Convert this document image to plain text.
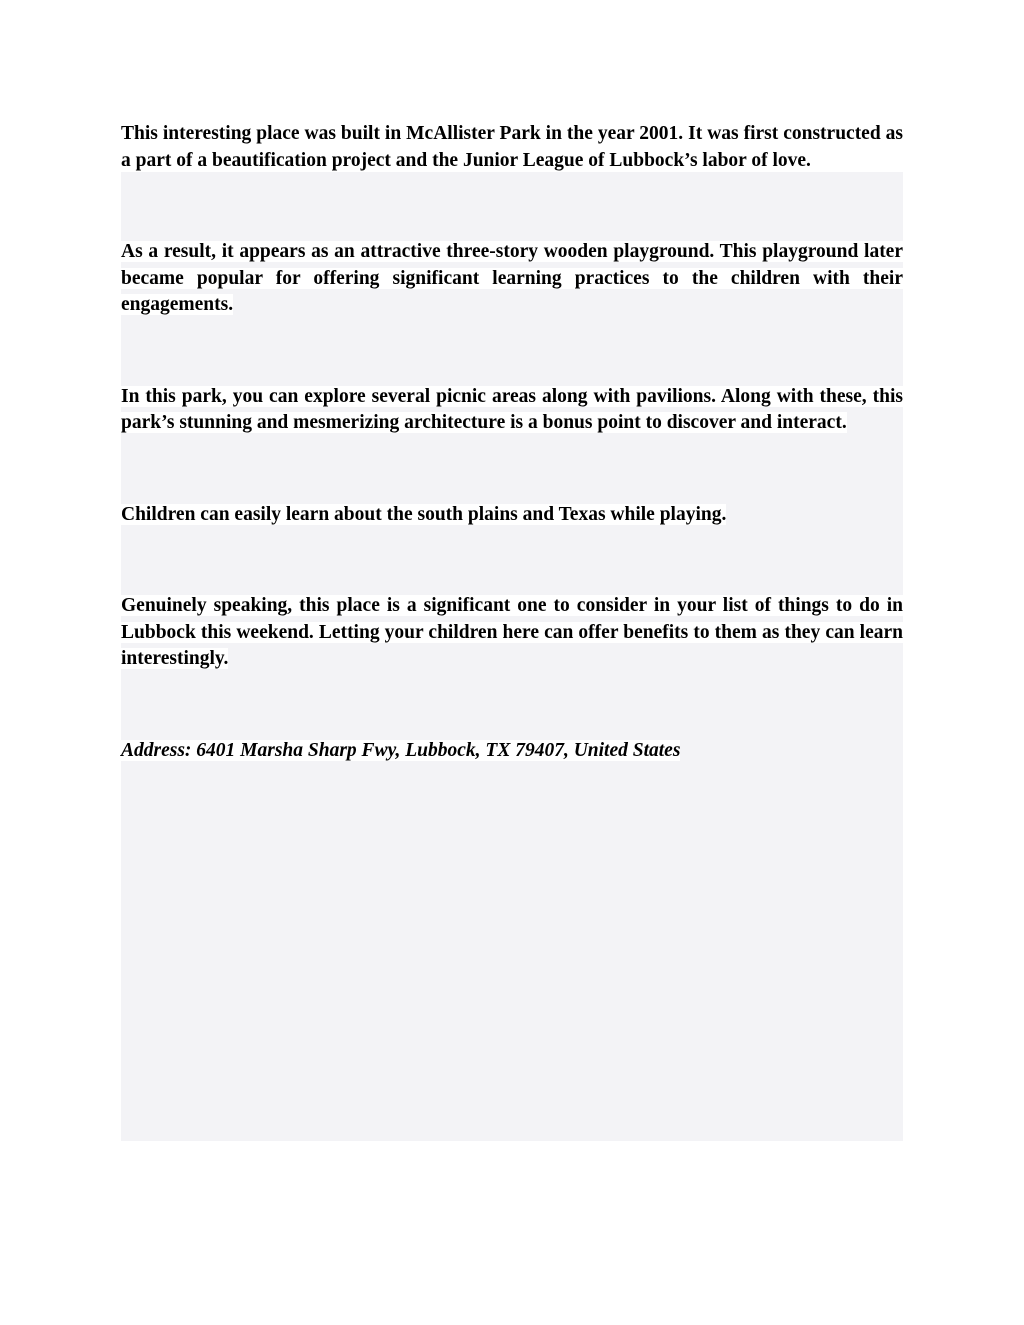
This interesting place was built in McAllister Park in the year 2001. It was first constructed as a part of a beautification project and the Junior League of Lubbock’s labor of love.

As a result, it appears as an attractive three-story wooden playground. This playground later became popular for offering significant learning practices to the children with their engagements.

In this park, you can explore several picnic areas along with pavilions. Along with these, this park’s stunning and mesmerizing architecture is a bonus point to discover and interact.

Children can easily learn about the south plains and Texas while playing.

Genuinely speaking, this place is a significant one to consider in your list of things to do in Lubbock this weekend. Letting your children here can offer benefits to them as they can learn interestingly.

Address: 6401 Marsha Sharp Fwy, Lubbock, TX 79407, United States
